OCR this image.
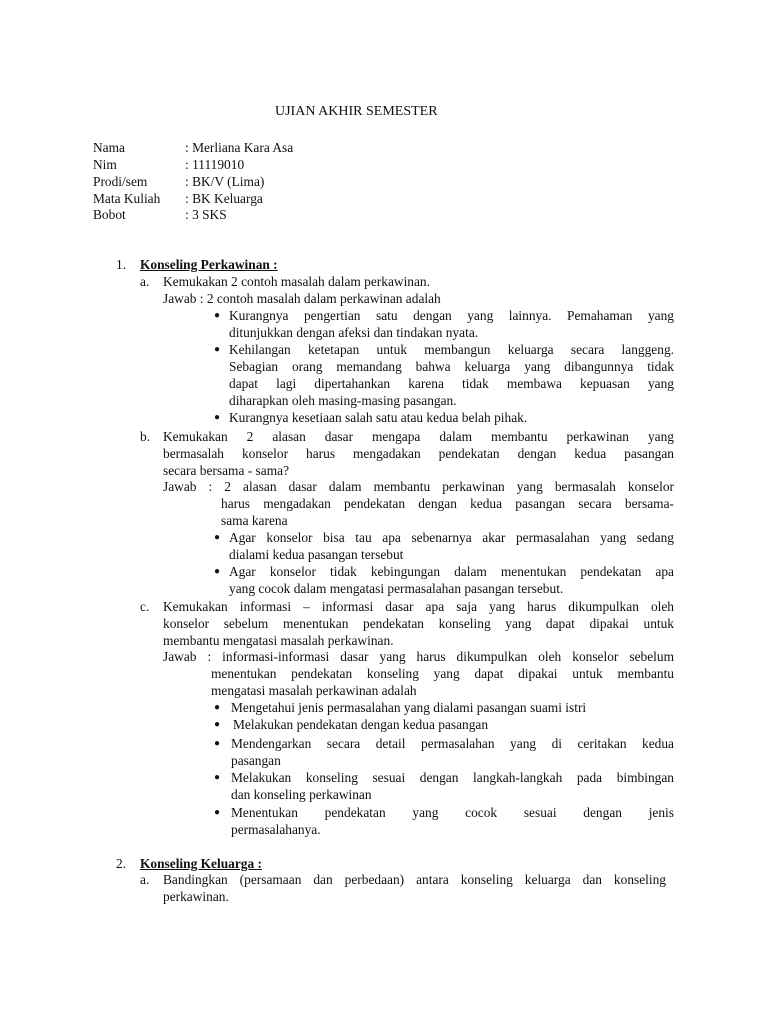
UJIAN AKHIR SEMESTER
Nama	: Merliana Kara Asa
Nim	: 11119010
Prodi/sem	: BK/V (Lima)
Mata Kuliah : BK Keluarga
Bobot	: 3 SKS
1. Konseling Perkawinan :
a. Kemukakan 2 contoh masalah dalam perkawinan.
Jawab : 2 contoh masalah dalam perkawinan adalah
● Kurangnya pengertian satu dengan yang lainnya. Pemahaman yang
ditunjukkan dengan afeksi dan tindakan nyata.
● Kehilangan ketetapan untuk membangun keluarga secara langgeng.
Sebagian orang memandang bahwa keluarga yang dibangunnya tidak
dapat lagi dipertahankan karena tidak membawa kepuasan yang
diharapkan oleh masing-masing pasangan.
● Kurangnya kesetiaan salah satu atau kedua belah pihak.
b. Kemukakan 2 alasan dasar mengapa dalam membantu perkawinan yang
bermasalah konselor harus mengadakan pendekatan dengan kedua pasangan
secara bersama - sama?
Jawab : 2 alasan dasar dalam membantu perkawinan yang bermasalah konselor
harus mengadakan pendekatan dengan kedua pasangan secara bersama-
sama karena
● Agar konselor bisa tau apa sebenarnya akar permasalahan yang sedang
dialami kedua pasangan tersebut
● Agar konselor tidak kebingungan dalam menentukan pendekatan apa
yang cocok dalam mengatasi permasalahan pasangan tersebut.
c. Kemukakan informasi – informasi dasar apa saja yang harus dikumpulkan oleh
konselor sebelum menentukan pendekatan konseling yang dapat dipakai untuk
membantu mengatasi masalah perkawinan.
Jawab : informasi-informasi dasar yang harus dikumpulkan oleh konselor sebelum
menentukan pendekatan konseling yang dapat dipakai untuk membantu
mengatasi masalah perkawinan adalah
● Mengetahui jenis permasalahan yang dialami pasangan suami istri
● Melakukan pendekatan dengan kedua pasangan
● Mendengarkan secara detail permasalahan yang di ceritakan kedua
pasangan
● Melakukan konseling sesuai dengan langkah-langkah pada bimbingan
dan konseling perkawinan
● Menentukan pendekatan yang cocok sesuai dengan jenis
permasalahanya.
2. Konseling Keluarga :
a. Bandingkan (persamaan dan perbedaan) antara konseling keluarga dan konseling
perkawinan.
